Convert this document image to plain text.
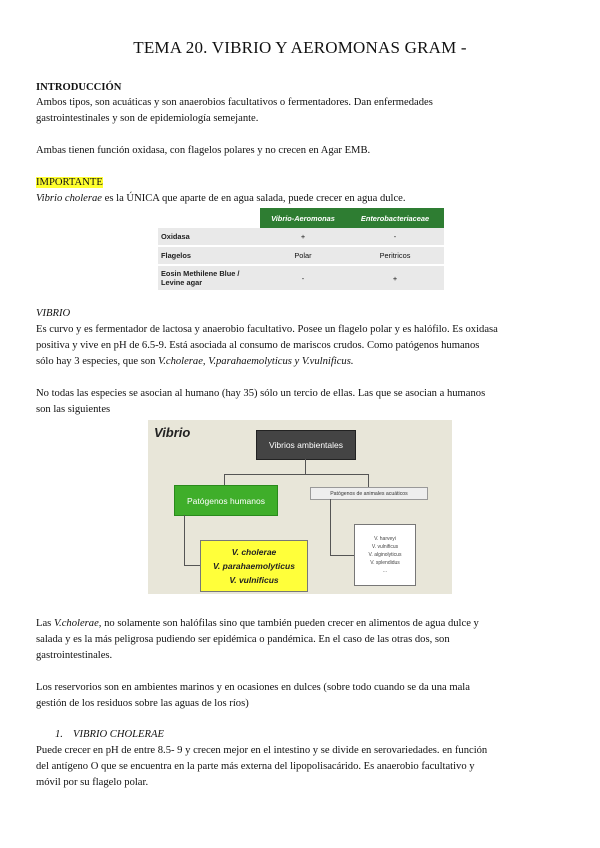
TEMA 20. VIBRIO Y AEROMONAS GRAM -
INTRODUCCIÓN
Ambos tipos, son acuáticas y son anaerobios facultativos o fermentadores. Dan enfermedades
gastrointestinales y son de epidemiología semejante.
Ambas tienen función oxidasa, con flagelos polares y no crecen en Agar EMB.
IMPORTANTE
Vibrio cholerae es la ÚNICA que aparte de en agua salada, puede crecer en agua dulce.
	Vibrio-Aeromonas	Enterobacteriaceae
Oxidasa	+	-
Flagelos	Polar	Peritricos
Eosin Methilene Blue / Levine agar	-	+
VIBRIO
Es curvo y es fermentador de lactosa y anaerobio facultativo. Posee un flagelo polar y es halófilo. Es oxidasa
positiva y vive en pH de 6.5-9. Está asociada al consumo de mariscos crudos. Como patógenos humanos
sólo hay 3 especies, que son V.cholerae, V.parahaemolyticus y V.vulnificus.
No todas las especies se asocian al humano (hay 35) sólo un tercio de ellas. Las que se asocian a humanos
son las siguientes
Vibrio
Vibrios ambientales
Patógenos humanos
Patógenos de animales acuáticos
V. cholerae
V. parahaemolyticus
V. vulnificus
V. harveyi
V. vulnificus
V. alginolyticus
V. splendidus
...
Las V.cholerae, no solamente son halófilas sino que también pueden crecer en alimentos de agua dulce y
salada y es la más peligrosa pudiendo ser epidémica o pandémica. En el caso de las otras dos, son
gastrointestinales.
Los reservorios son en ambientes marinos y en ocasiones en dulces (sobre todo cuando se da una mala
gestión de los residuos sobre las aguas de los ríos)
1. VIBRIO CHOLERAE
Puede crecer en pH de entre 8.5- 9 y crecen mejor en el intestino y se divide en serovariedades. en función
del antígeno O que se encuentra en la parte más externa del lipopolisacárido. Es anaerobio facultativo y
móvil por su flagelo polar.
